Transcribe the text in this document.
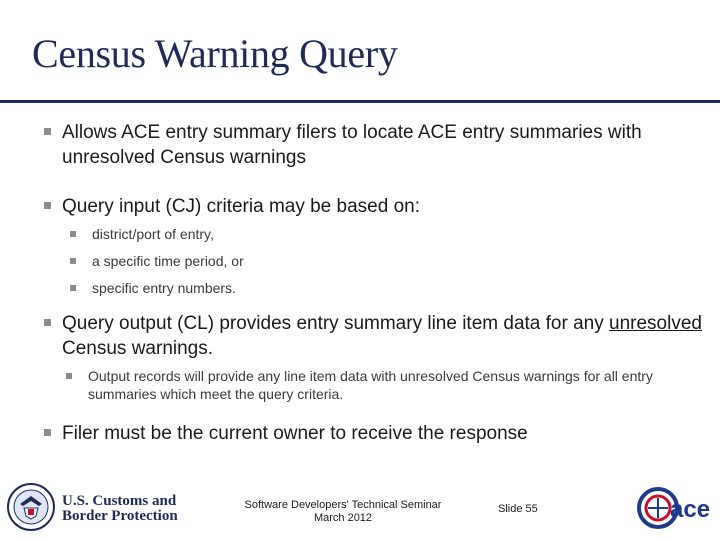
Census Warning Query
Allows ACE entry summary filers to locate ACE entry summaries with unresolved Census warnings
Query input (CJ) criteria may be based on:
district/port of entry,
a specific time period, or
specific entry numbers.
Query output (CL) provides entry summary line item data for any unresolved Census warnings.
Output records will provide any line item data with unresolved Census warnings for all entry summaries which meet the query criteria.
Filer must be the current owner to receive the response
U.S. Customs and
Border Protection
Software Developers' Technical Seminar
March 2012
Slide 55	ace
